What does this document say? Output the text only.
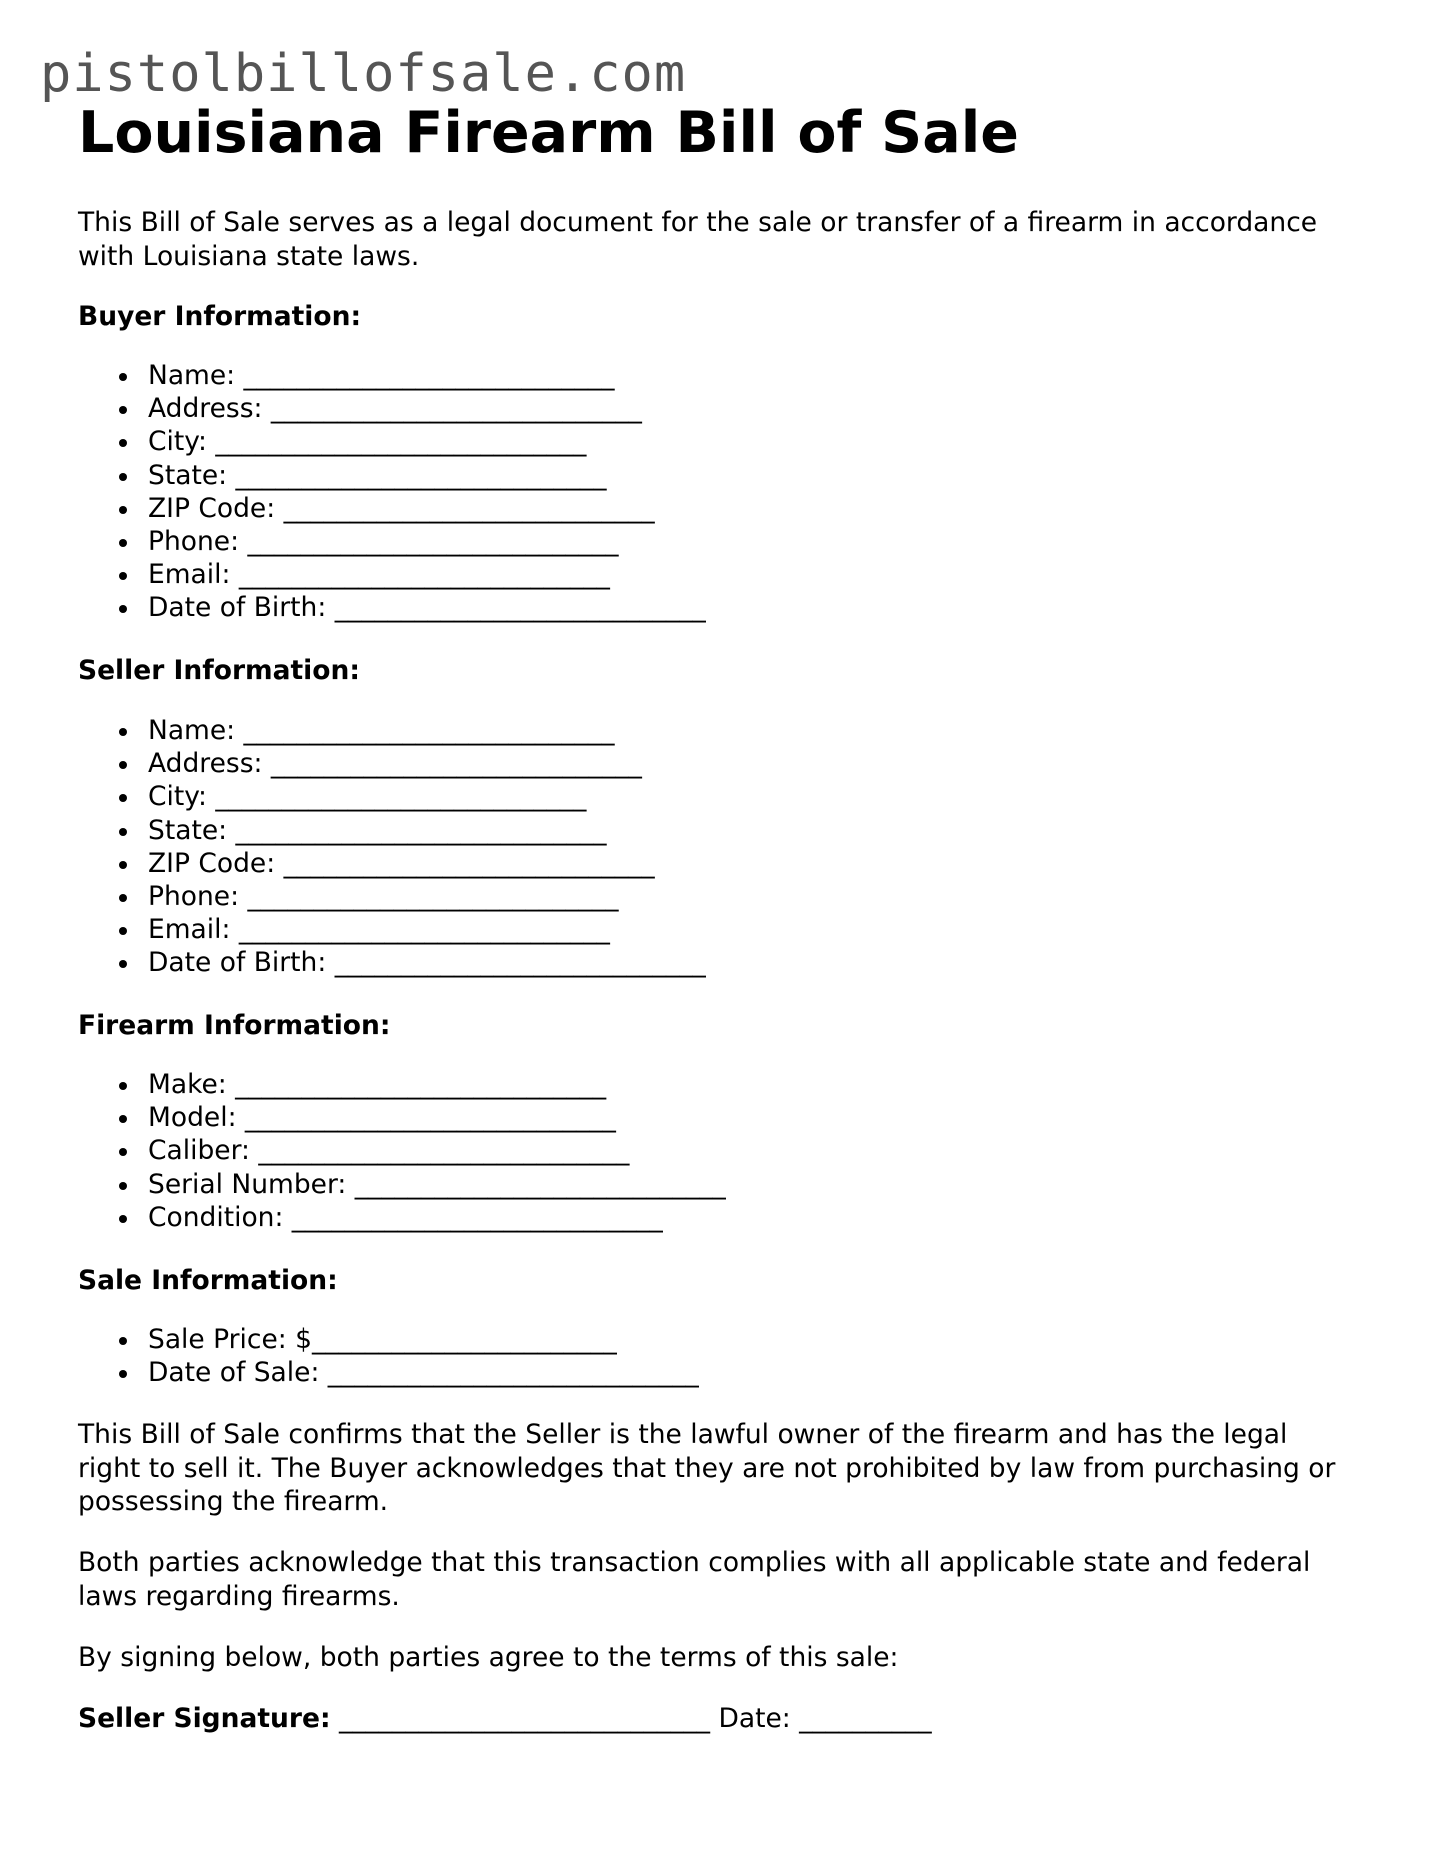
pistolbillofsale.com
Louisiana Firearm Bill of Sale

This Bill of Sale serves as a legal document for the sale or transfer of a firearm in accordance with Louisiana state laws.

Buyer Information:
Name: ____________________________
Address: ____________________________
City: ____________________________
State: ____________________________
ZIP Code: ____________________________
Phone: ____________________________
Email: ____________________________
Date of Birth: ____________________________
Seller Information:
Name: ____________________________
Address: ____________________________
City: ____________________________
State: ____________________________
ZIP Code: ____________________________
Phone: ____________________________
Email: ____________________________
Date of Birth: ____________________________
Firearm Information:
Make: ____________________________
Model: ____________________________
Caliber: ____________________________
Serial Number: ____________________________
Condition: ____________________________
Sale Information:
Sale Price: $_______________________
Date of Sale: ____________________________

This Bill of Sale confirms that the Seller is the lawful owner of the firearm and has the legal right to sell it. The Buyer acknowledges that they are not prohibited by law from purchasing or possessing the firearm.

Both parties acknowledge that this transaction complies with all applicable state and federal laws regarding firearms.

By signing below, both parties agree to the terms of this sale:

Seller Signature: ____________________________ Date: __________
